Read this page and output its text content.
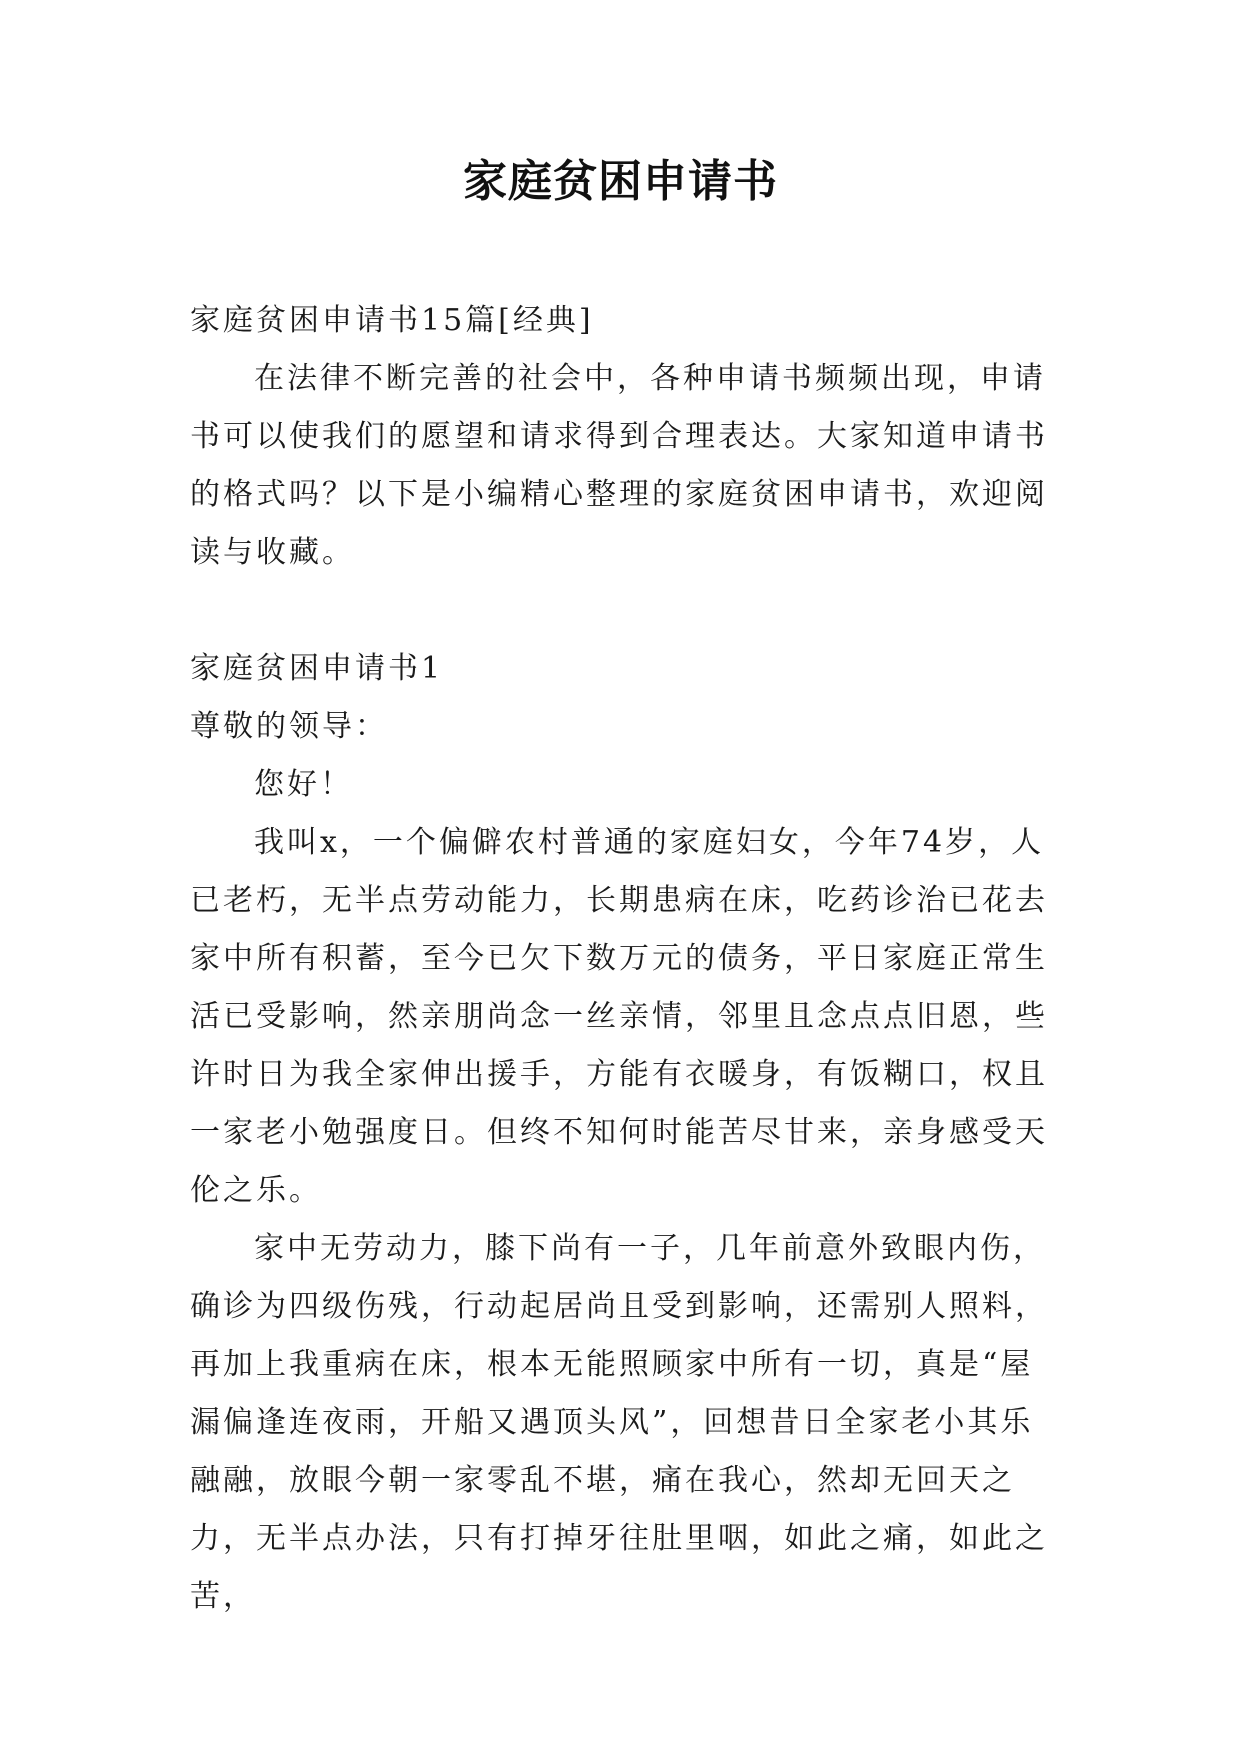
家庭贫困申请书

家庭贫困申请书15篇[经典]

在法律不断完善的社会中，各种申请书频频出现，申请书可以使我们的愿望和请求得到合理表达。大家知道申请书的格式吗？以下是小编精心整理的家庭贫困申请书，欢迎阅读与收藏。

家庭贫困申请书1

尊敬的领导：

您好！

我叫x，一个偏僻农村普通的家庭妇女，今年74岁，人已老朽，无半点劳动能力，长期患病在床，吃药诊治已花去家中所有积蓄，至今已欠下数万元的债务，平日家庭正常生活已受影响，然亲朋尚念一丝亲情，邻里且念点点旧恩，些许时日为我全家伸出援手，方能有衣暖身，有饭糊口，权且一家老小勉强度日。但终不知何时能苦尽甘来，亲身感受天伦之乐。

家中无劳动力，膝下尚有一子，几年前意外致眼内伤，确诊为四级伤残，行动起居尚且受到影响，还需别人照料，再加上我重病在床，根本无能照顾家中所有一切，真是“屋漏偏逢连夜雨，开船又遇顶头风”，回想昔日全家老小其乐融融，放眼今朝一家零乱不堪，痛在我心，然却无回天之力，无半点办法，只有打掉牙往肚里咽，如此之痛，如此之苦，
